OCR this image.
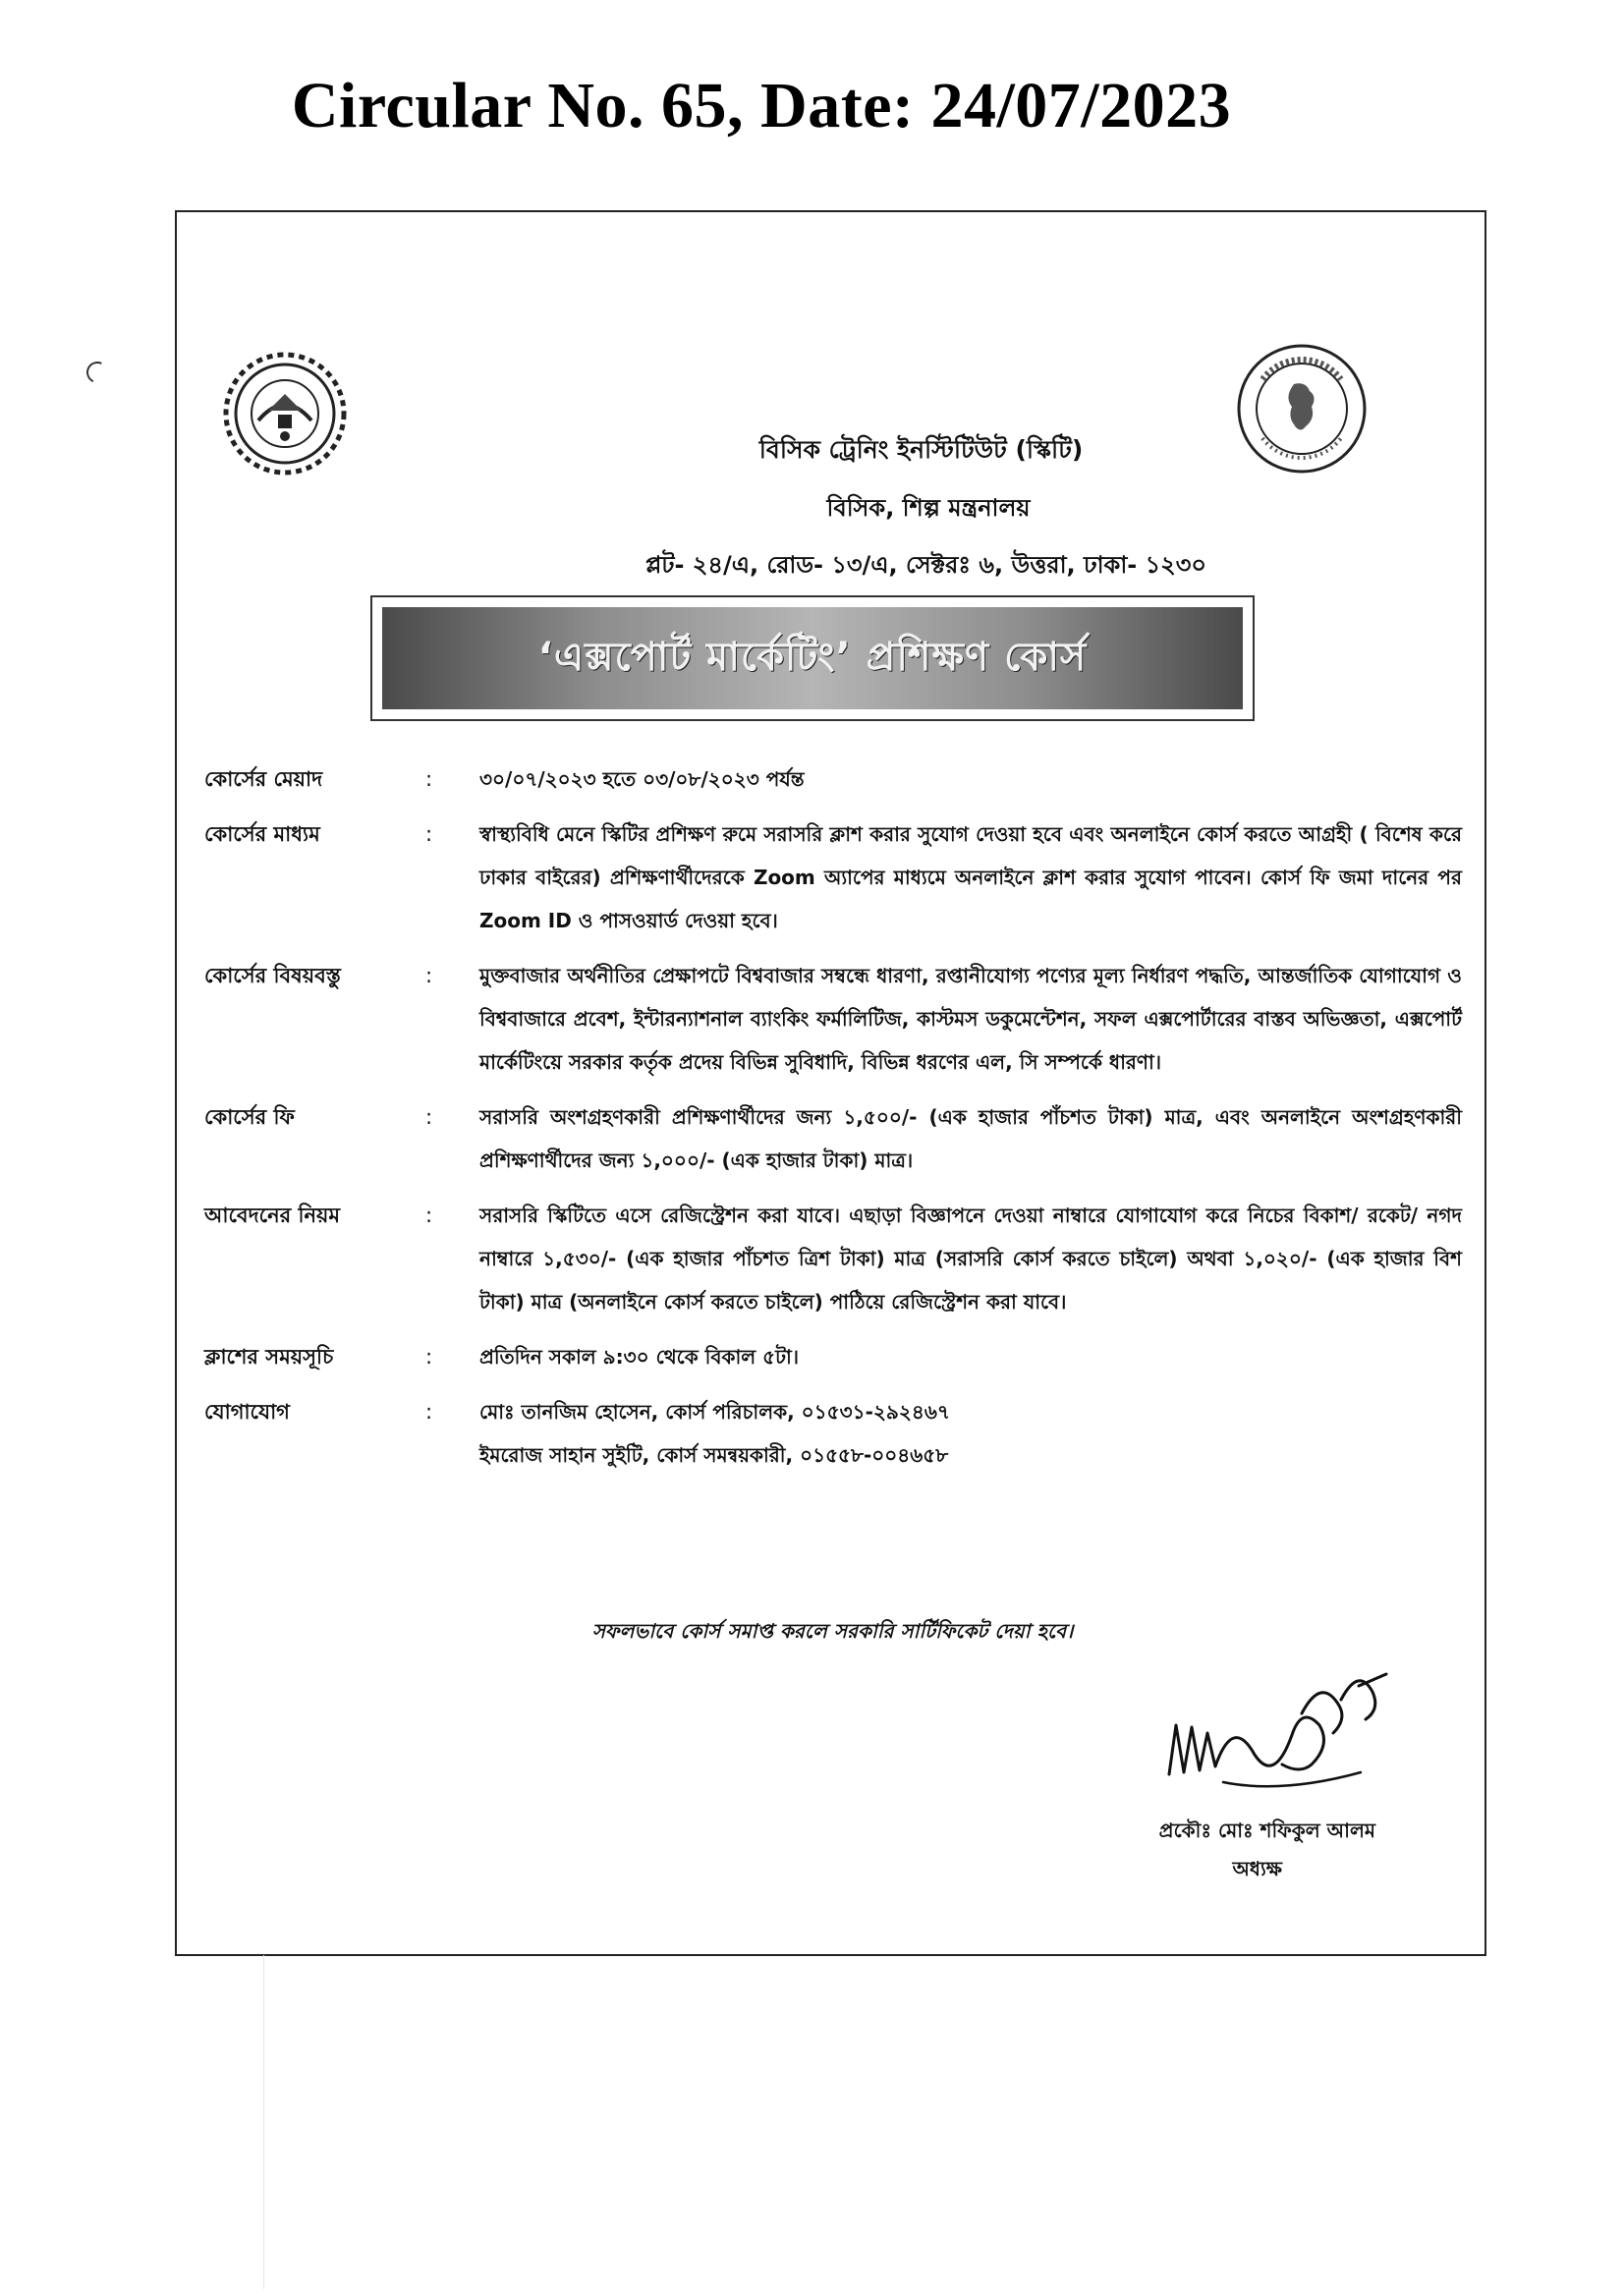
Circular No. 65, Date: 24/07/2023
বিসিক ট্রেনিং ইনস্টিটিউট (স্কিটি)
বিসিক, শিল্প মন্ত্রনালয়
প্লট- ২৪/এ, রোড- ১৩/এ, সেক্টরঃ ৬, উত্তরা, ঢাকা- ১২৩০
‘এক্সপোর্ট মার্কেটিং’ প্রশিক্ষণ কোর্স
কোর্সের মেয়াদ	:	৩০/০৭/২০২৩ হতে ০৩/০৮/২০২৩ পর্যন্ত

কোর্সের মাধ্যম	:	স্বাস্থ্যবিধি মেনে স্কিটির প্রশিক্ষণ রুমে সরাসরি ক্লাশ করার সুযোগ দেওয়া হবে এবং অনলাইনে কোর্স করতে আগ্রহী ( বিশেষ করে ঢাকার বাইরের) প্রশিক্ষণার্থীদেরকে Zoom অ্যাপের মাধ্যমে অনলাইনে ক্লাশ করার সুযোগ পাবেন। কোর্স ফি জমা দানের পর Zoom ID ও পাসওয়ার্ড দেওয়া হবে।

কোর্সের বিষয়বস্তু	:	মুক্তবাজার অর্থনীতির প্রেক্ষাপটে বিশ্ববাজার সম্বন্ধে ধারণা, রপ্তানীযোগ্য পণ্যের মূল্য নির্ধারণ পদ্ধতি, আন্তর্জাতিক যোগাযোগ ও বিশ্ববাজারে প্রবেশ, ইন্টারন্যাশনাল ব্যাংকিং ফর্মালিটিজ, কাস্টমস ডকুমেন্টেশন, সফল এক্সপোর্টারের বাস্তব অভিজ্ঞতা, এক্সপোর্ট মার্কেটিংয়ে সরকার কর্তৃক প্রদেয় বিভিন্ন সুবিধাদি, বিভিন্ন ধরণের এল, সি সম্পর্কে ধারণা।

কোর্সের ফি	:	সরাসরি অংশগ্রহণকারী প্রশিক্ষণার্থীদের জন্য ১,৫০০/- (এক হাজার পাঁচশত টাকা) মাত্র, এবং অনলাইনে অংশগ্রহণকারী প্রশিক্ষণার্থীদের জন্য ১,০০০/- (এক হাজার টাকা) মাত্র।

আবেদনের নিয়ম	:	সরাসরি স্কিটিতে এসে রেজিস্ট্রেশন করা যাবে। এছাড়া বিজ্ঞাপনে দেওয়া নাম্বারে যোগাযোগ করে নিচের বিকাশ/ রকেট/ নগদ নাম্বারে ১,৫৩০/- (এক হাজার পাঁচশত ত্রিশ টাকা) মাত্র (সরাসরি কোর্স করতে চাইলে) অথবা ১,০২০/- (এক হাজার বিশ টাকা) মাত্র (অনলাইনে কোর্স করতে চাইলে) পাঠিয়ে রেজিস্ট্রেশন করা যাবে।

ক্লাশের সময়সূচি	:	প্রতিদিন সকাল ৯:৩০ থেকে বিকাল ৫টা।

যোগাযোগ	:	মোঃ তানজিম হোসেন, কোর্স পরিচালক, ০১৫৩১-২৯২৪৬৭

ইমরোজ সাহান সুইটি, কোর্স সমন্বয়কারী, ০১৫৫৮-০০৪৬৫৮

সফলভাবে কোর্স সমাপ্ত করলে সরকারি সার্টিফিকেট দেয়া হবে।
প্রকৌঃ মোঃ শফিকুল আলম
অধ্যক্ষ
